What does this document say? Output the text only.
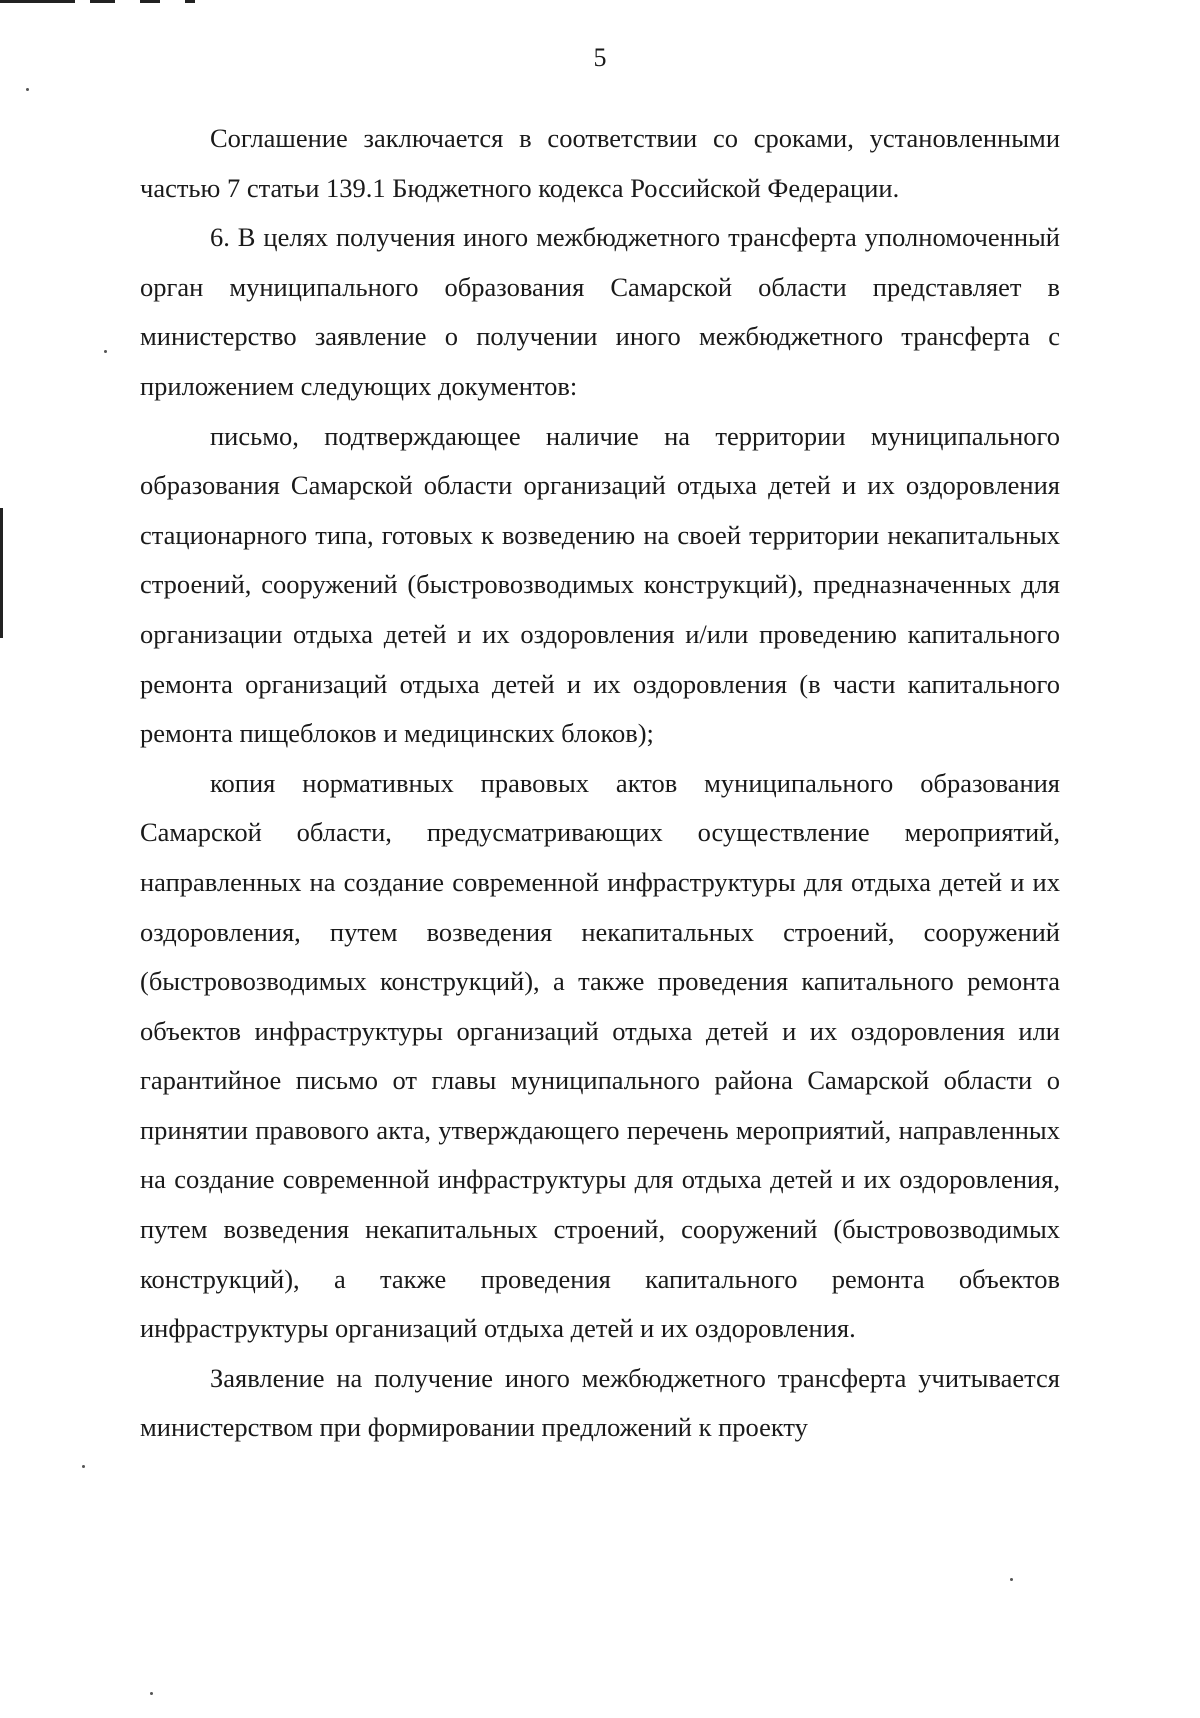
5

Соглашение заключается в соответствии со сроками, установленными частью 7 статьи 139.1 Бюджетного кодекса Российской Федерации.

6. В целях получения иного межбюджетного трансферта уполномоченный орган муниципального образования Самарской области представляет в министерство заявление о получении иного межбюджетного трансферта с приложением следующих документов:

письмо, подтверждающее наличие на территории муниципального образования Самарской области организаций отдыха детей и их оздоровления стационарного типа, готовых к возведению на своей территории некапитальных строений, сооружений (быстровозводимых конструкций), предназначенных для организации отдыха детей и их оздоровления и/или проведению капитального ремонта организаций отдыха детей и их оздоровления (в части капитального ремонта пищеблоков и медицинских блоков);

копия нормативных правовых актов муниципального образования Самарской области, предусматривающих осуществление мероприятий, направленных на создание современной инфраструктуры для отдыха детей и их оздоровления, путем возведения некапитальных строений, сооружений (быстровозводимых конструкций), а также проведения капитального ремонта объектов инфраструктуры организаций отдыха детей и их оздоровления или гарантийное письмо от главы муниципального района Самарской области о принятии правового акта, утверждающего перечень мероприятий, направленных на создание современной инфраструктуры для отдыха детей и их оздоровления, путем возведения некапитальных строений, сооружений (быстровозводимых конструкций), а также проведения капитального ремонта объектов инфраструктуры организаций отдыха детей и их оздоровления.

Заявление на получение иного межбюджетного трансферта учитывается министерством при формировании предложений к проекту
